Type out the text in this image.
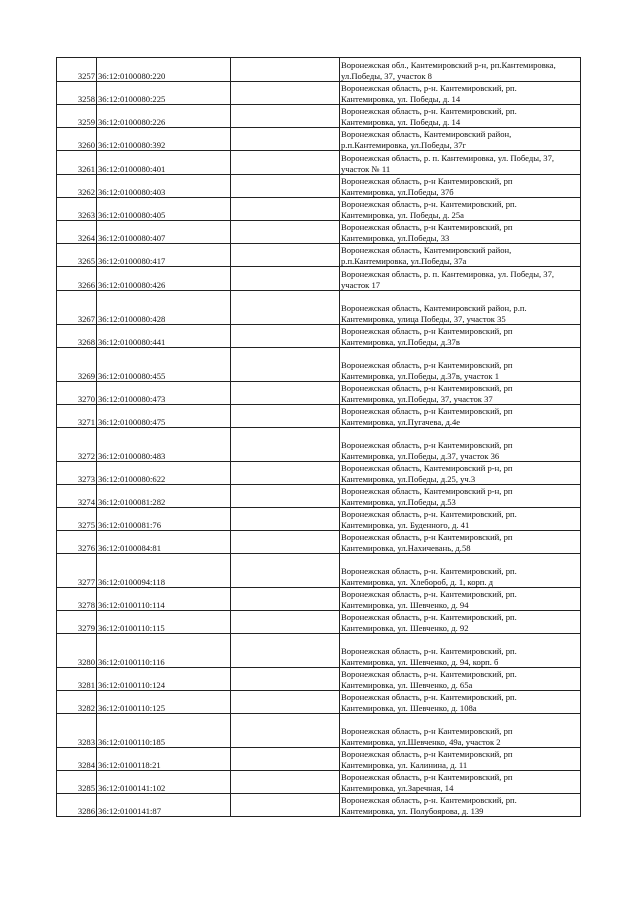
3257	36:12:0100080:220		Воронежская обл., Кантемировский р-н, рп.Кантемировка,
ул.Победы, 37, участок 8

3258	36:12:0100080:225		Воронежская область, р-н. Кантемировский, рп.
Кантемировка, ул. Победы, д. 14

3259	36:12:0100080:226		Воронежская область, р-н. Кантемировский, рп.
Кантемировка, ул. Победы, д. 14

3260	36:12:0100080:392		Воронежская область, Кантемировский район,
р.п.Кантемировка, ул.Победы, 37г

3261	36:12:0100080:401		Воронежская область, р. п. Кантемировка, ул. Победы, 37,
участок № 11

3262	36:12:0100080:403		Воронежская область, р-н Кантемировский, рп
Кантемировка, ул.Победы, 37б

3263	36:12:0100080:405		Воронежская область, р-н. Кантемировский, рп.
Кантемировка, ул. Победы, д. 25а

3264	36:12:0100080:407		Воронежская область, р-н Кантемировский, рп
Кантемировка, ул.Победы, 33

3265	36:12:0100080:417		Воронежская область, Кантемировский район,
р.п.Кантемировка, ул.Победы, 37а

3266	36:12:0100080:426		Воронежская область, р. п. Кантемировка, ул. Победы, 37,
участок 17

3267	36:12:0100080:428		Воронежская область, Кантемировский район, р.п.
Кантемировка, улица Победы, 37, участок 35

3268	36:12:0100080:441		Воронежская область, р-н Кантемировский, рп
Кантемировка, ул.Победы, д.37в

3269	36:12:0100080:455		Воронежская область, р-н Кантемировский, рп
Кантемировка, ул.Победы, д.37в, участок 1

3270	36:12:0100080:473		Воронежская область, р-н Кантемировский, рп
Кантемировка, ул.Победы, 37, участок 37

3271	36:12:0100080:475		Воронежская область, р-н Кантемировский, рп
Кантемировка, ул.Пугачева, д.4е

3272	36:12:0100080:483		Воронежская область, р-н Кантемировский, рп
Кантемировка, ул.Победы, д.37, участок 36

3273	36:12:0100080:622		Воронежская область, Кантемировский р-н, рп
Кантемировка, ул.Победы, д.25, уч.3

3274	36:12:0100081:282		Воронежская область, Кантемировский р-н, рп
Кантемировка, ул.Победы, д.53

3275	36:12:0100081:76		Воронежская область, р-н. Кантемировский, рп.
Кантемировка, ул. Буденного, д. 41

3276	36:12:0100084:81		Воронежская область, р-н Кантемировский, рп
Кантемировка, ул.Нахичевань, д.58

3277	36:12:0100094:118		Воронежская область, р-н. Кантемировский, рп.
Кантемировка, ул. Хлебороб, д. 1, корп. д

3278	36:12:0100110:114		Воронежская область, р-н. Кантемировский, рп.
Кантемировка, ул. Шевченко, д. 94

3279	36:12:0100110:115		Воронежская область, р-н. Кантемировский, рп.
Кантемировка, ул. Шевченко, д. 92

3280	36:12:0100110:116		Воронежская область, р-н. Кантемировский, рп.
Кантемировка, ул. Шевченко, д. 94, корп. б

3281	36:12:0100110:124		Воронежская область, р-н. Кантемировский, рп.
Кантемировка, ул. Шевченко, д. 65а

3282	36:12:0100110:125		Воронежская область, р-н. Кантемировский, рп.
Кантемировка, ул. Шевченко, д. 108а

3283	36:12:0100110:185		Воронежская область, р-н Кантемировский, рп
Кантемировка, ул.Шевченко, 49а, участок 2

3284	36:12:0100118:21		Воронежская область, р-н Кантемировский, рп
Кантемировка, ул. Калинина, д. 11

3285	36:12:0100141:102		Воронежская область, р-н Кантемировский, рп
Кантемировка, ул.Заречная, 14

3286	36:12:0100141:87		Воронежская область, р-н. Кантемировский, рп.
Кантемировка, ул. Полубоярова, д. 139
